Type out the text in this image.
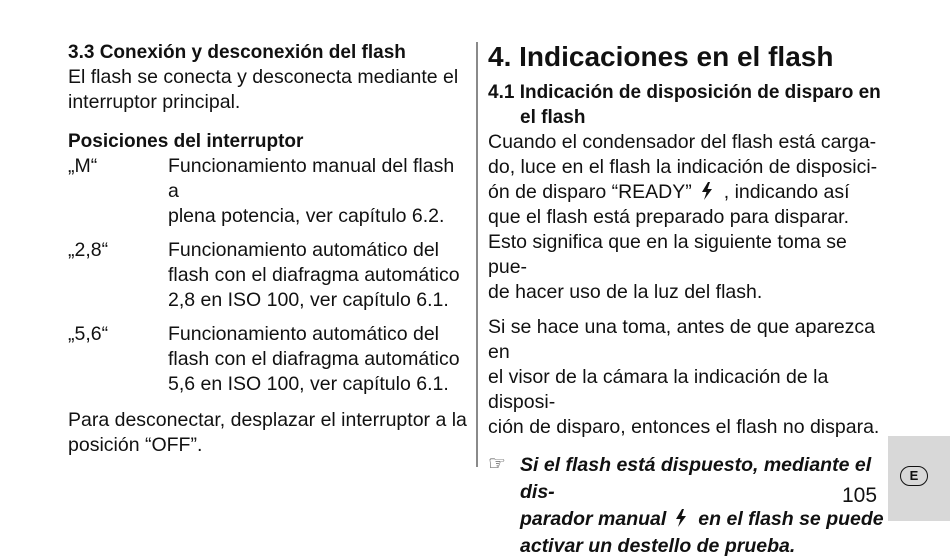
3.3 Conexión y desconexión del flash

El flash se conecta y desconecta mediante el

interruptor principal.

Posiciones del interruptor

„M“	Funcionamiento manual del flash a
plena potencia, ver capítulo 6.2.
„2,8“	Funcionamiento automático del
flash con el diafragma automático
2,8 en ISO 100, ver capítulo 6.1.
„5,6“	Funcionamiento automático del
flash con el diafragma automático
5,6 en ISO 100, ver capítulo 6.1.

Para desconectar, desplazar el interruptor a la

posición “OFF”.

4. Indicaciones en el flash

4.1 Indicación de disposición de disparo en el flash

Cuando el condensador del flash está carga-
do, luce en el flash la indicación de disposici-
ón de disparo “READY” , indicando así
que el flash está preparado para disparar.
Esto significa que en la siguiente toma se pue-
de hacer uso de la luz del flash.
Si se hace una toma, antes de que aparezca en
el visor de la cámara la indicación de la disposi-
ción de disparo, entonces el flash no dispara.
☞ Si el flash está dispuesto, mediante el dis-
parador manual en el flash se puede
activar un destello de prueba.
E
105
